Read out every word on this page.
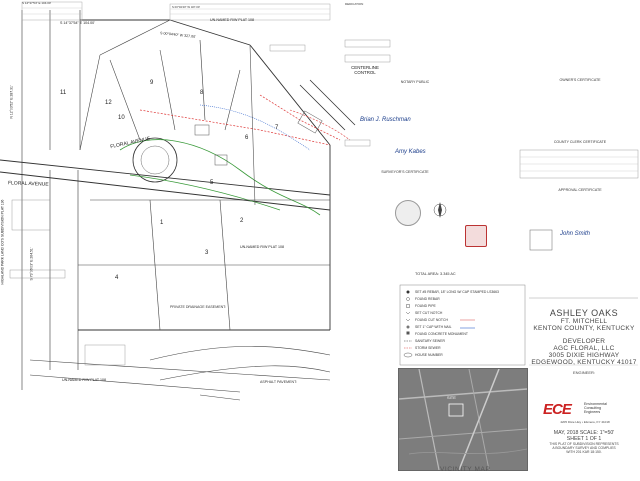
S 14°37'54" E 104.00'
S 00°04'40" W 327.00'
S 14°37'54" E 104.00'
S 00°04'40" W 327.00'
UN-NAMED R/W PLAT 108
UN-NAMED R/W PLAT 108
UN-NAMED R/W PLAT 108
HIGHLAND PARK LAND CO'S SUBDIVISION PLAT 136
N 12°03'52" E 287.31'
S 73°06'03" E 264.51'
FLORAL AVENUE
FLORAL AVENUE
CENTERLINE CONTROL
1	2
3
4
5
6
7
8
9
10
11
12
DEDICATION
NOTARY PUBLIC
Brian J. Ruschman
Amy Kabes
SURVEYOR'S CERTIFICATE
OWNER'S CERTIFICATE
COUNTY CLERK CERTIFICATE
APPROVAL CERTIFICATE
John Smith
PRIVATE DRAINAGE EASEMENT:
ASPHALT PAVEMENT:
SET #5 REBAR, 18" LONG W/ CAP STAMPED LS3663
FOUND REBAR
FOUND PIPE
SET CUT NOTCH
FOUND CUT NOTCH
SET 1" CAP WITH NAIL
FOUND CONCRETE MONUMENT
SANITARY SEWER
STORM SEWER
HOUSE NUMBER
TOTAL AREA: 3.345 AC
ASHLEY OAKS
FT. MITCHELL
KENTON COUNTY, KENTUCKY
DEVELOPER
AGC FLORAL, LLC
3005 DIXIE HIGHWAY
EDGEWOOD, KENTUCKY 41017
ENGINEER:
ECE	Environmental
Consulting
Engineers
4205 Dixie Hwy • Elsmere, KY 41018
MAY, 2018 SCALE: 1"=50'
SHEET 1 OF 1
THIS PLAT OF SUBDIVISION REPRESENTS
A BOUNDARY SURVEY AND COMPLIES
WITH 201 KAR 18:150.
SITE
VICINITY MAP
